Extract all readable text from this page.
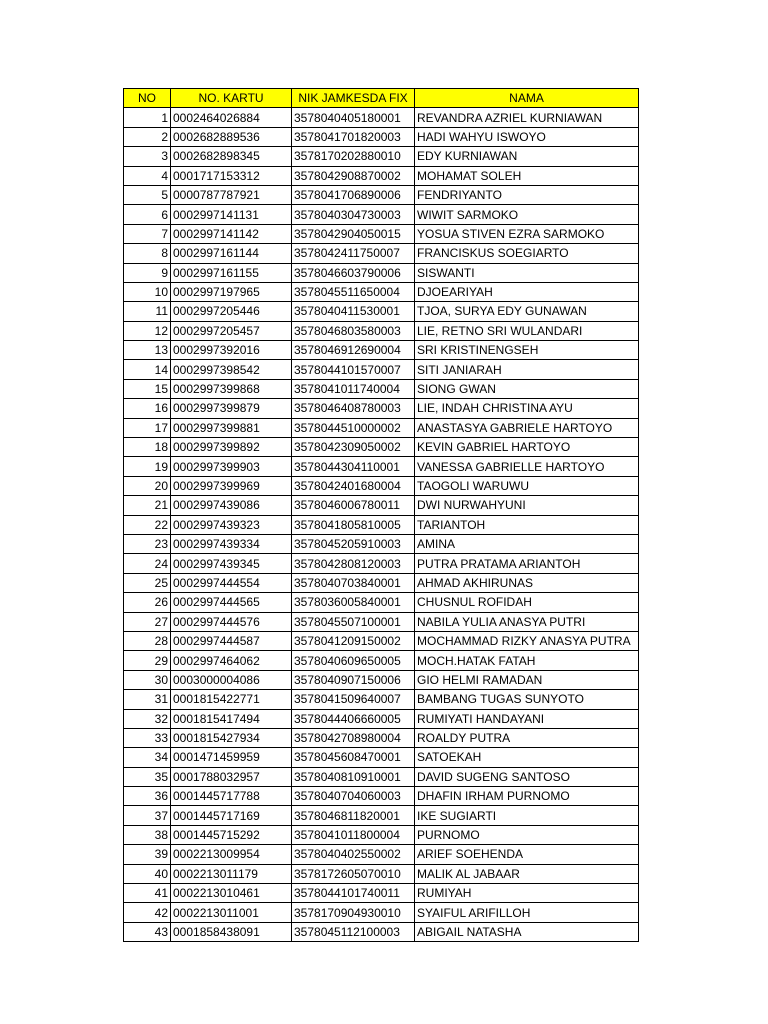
NO	NO. KARTU	NIK JAMKESDA FIX	NAMA
1	0002464026884	3578040405180001	REVANDRA AZRIEL KURNIAWAN
2	0002682889536	3578041701820003	HADI WAHYU ISWOYO
3	0002682898345	3578170202880010	EDY KURNIAWAN
4	0001717153312	3578042908870002	MOHAMAT SOLEH
5	0000787787921	3578041706890006	FENDRIYANTO
6	0002997141131	3578040304730003	WIWIT SARMOKO
7	0002997141142	3578042904050015	YOSUA STIVEN EZRA SARMOKO
8	0002997161144	3578042411750007	FRANCISKUS SOEGIARTO
9	0002997161155	3578046603790006	SISWANTI
10	0002997197965	3578045511650004	DJOEARIYAH
11	0002997205446	3578040411530001	TJOA, SURYA EDY GUNAWAN
12	0002997205457	3578046803580003	LIE, RETNO SRI WULANDARI
13	0002997392016	3578046912690004	SRI KRISTINENGSEH
14	0002997398542	3578044101570007	SITI JANIARAH
15	0002997399868	3578041011740004	SIONG GWAN
16	0002997399879	3578046408780003	LIE, INDAH CHRISTINA AYU
17	0002997399881	3578044510000002	ANASTASYA GABRIELE HARTOYO
18	0002997399892	3578042309050002	KEVIN GABRIEL HARTOYO
19	0002997399903	3578044304110001	VANESSA GABRIELLE HARTOYO
20	0002997399969	3578042401680004	TAOGOLI WARUWU
21	0002997439086	3578046006780011	DWI NURWAHYUNI
22	0002997439323	3578041805810005	TARIANTOH
23	0002997439334	3578045205910003	AMINA
24	0002997439345	3578042808120003	PUTRA PRATAMA ARIANTOH
25	0002997444554	3578040703840001	AHMAD AKHIRUNAS
26	0002997444565	3578036005840001	CHUSNUL ROFIDAH
27	0002997444576	3578045507100001	NABILA YULIA ANASYA PUTRI
28	0002997444587	3578041209150002	MOCHAMMAD RIZKY ANASYA PUTRA
29	0002997464062	3578040609650005	MOCH.HATAK FATAH
30	0003000004086	3578040907150006	GIO HELMI RAMADAN
31	0001815422771	3578041509640007	BAMBANG TUGAS SUNYOTO
32	0001815417494	3578044406660005	RUMIYATI HANDAYANI
33	0001815427934	3578042708980004	ROALDY PUTRA
34	0001471459959	3578045608470001	SATOEKAH
35	0001788032957	3578040810910001	DAVID SUGENG SANTOSO
36	0001445717788	3578040704060003	DHAFIN IRHAM PURNOMO
37	0001445717169	3578046811820001	IKE SUGIARTI
38	0001445715292	3578041011800004	PURNOMO
39	0002213009954	3578040402550002	ARIEF SOEHENDA
40	0002213011179	3578172605070010	MALIK AL JABAAR
41	0002213010461	3578044101740011	RUMIYAH
42	0002213011001	3578170904930010	SYAIFUL ARIFILLOH
43	0001858438091	3578045112100003	ABIGAIL NATASHA
